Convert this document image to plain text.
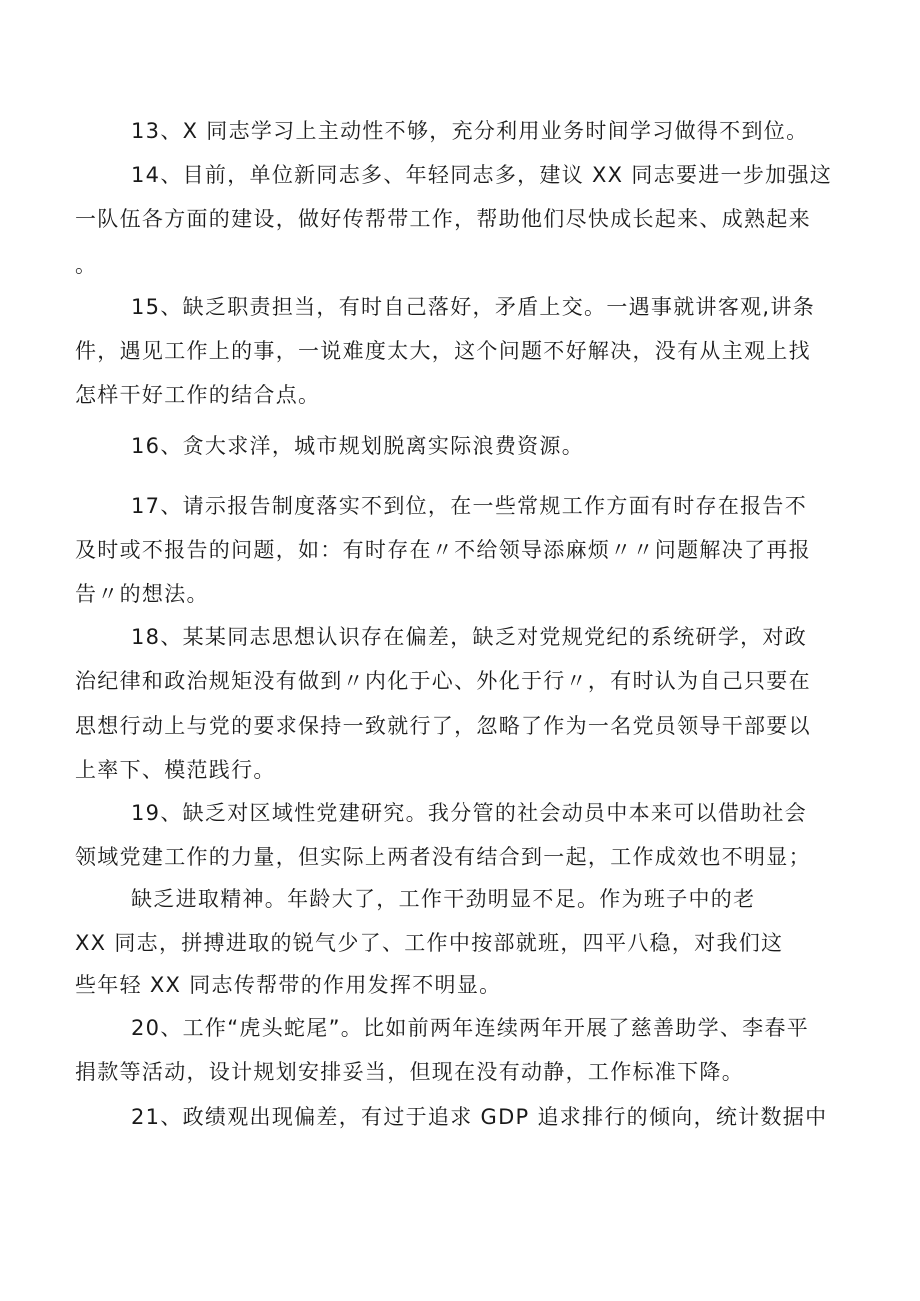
13、X 同志学习上主动性不够，充分利用业务时间学习做得不到位。
14、目前，单位新同志多、年轻同志多，建议 XX 同志要进一步加强这
一队伍各方面的建设，做好传帮带工作，帮助他们尽快成长起来、成熟起来
。
15、缺乏职责担当，有时自己落好，矛盾上交。一遇事就讲客观,讲条
件，遇见工作上的事，一说难度太大，这个问题不好解决，没有从主观上找
怎样干好工作的结合点。
16、贪大求洋，城市规划脱离实际浪费资源。
17、请示报告制度落实不到位，在一些常规工作方面有时存在报告不
及时或不报告的问题，如：有时存在〃不给领导添麻烦〃〃问题解决了再报
告〃的想法。
18、某某同志思想认识存在偏差，缺乏对党规党纪的系统研学，对政
治纪律和政治规矩没有做到〃内化于心、外化于行〃，有时认为自己只要在
思想行动上与党的要求保持一致就行了，忽略了作为一名党员领导干部要以
上率下、模范践行。
19、缺乏对区域性党建研究。我分管的社会动员中本来可以借助社会
领域党建工作的力量，但实际上两者没有结合到一起，工作成效也不明显；
缺乏进取精神。年龄大了，工作干劲明显不足。作为班子中的老
XX 同志，拼搏进取的锐气少了、工作中按部就班，四平八稳，对我们这
些年轻 XX 同志传帮带的作用发挥不明显。
20、工作“虎头蛇尾”。比如前两年连续两年开展了慈善助学、李春平
捐款等活动，设计规划安排妥当，但现在没有动静，工作标准下降。
21、政绩观出现偏差，有过于追求 GDP 追求排行的倾向，统计数据中
